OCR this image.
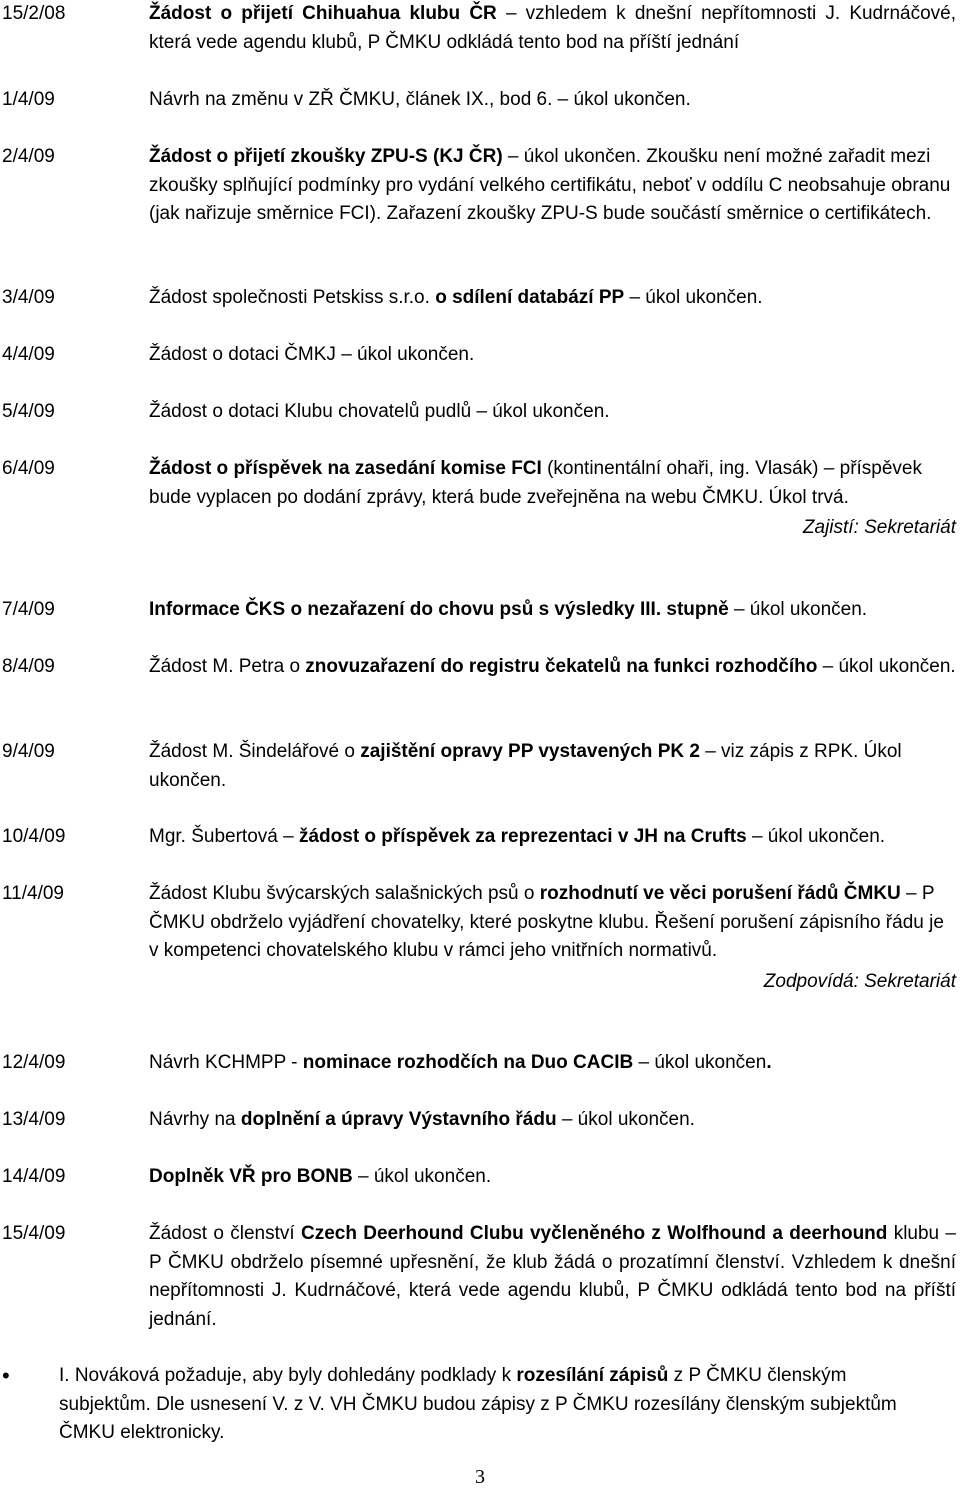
15/2/08	Žádost o přijetí Chihuahua klubu ČR – vzhledem k dnešní nepřítomnosti J. Kudrnáčové, která vede agendu klubů, P ČMKU odkládá tento bod na příští jednání
1/4/09	Návrh na změnu v ZŘ ČMKU, článek IX., bod 6. – úkol ukončen.
2/4/09	Žádost o přijetí zkoušky ZPU-S (KJ ČR) – úkol ukončen. Zkoušku není možné zařadit mezi zkoušky splňující podmínky pro vydání velkého certifikátu, neboť v oddílu C neobsahuje obranu (jak nařizuje směrnice FCI). Zařazení zkoušky ZPU-S bude součástí směrnice o certifikátech.
3/4/09	Žádost společnosti Petskiss s.r.o. o sdílení databází PP – úkol ukončen.
4/4/09	Žádost o dotaci ČMKJ – úkol ukončen.
5/4/09	Žádost o dotaci Klubu chovatelů pudlů – úkol ukončen.
6/4/09	Žádost o příspěvek na zasedání komise FCI (kontinentální ohaři, ing. Vlasák) – příspěvek bude vyplacen po dodání zprávy, která bude zveřejněna na webu ČMKU. Úkol trvá.
Zajistí: Sekretariát
7/4/09	Informace ČKS o nezařazení do chovu psů s výsledky III. stupně – úkol ukončen.
8/4/09	Žádost M. Petra o znovuzařazení do registru čekatelů na funkci rozhodčího – úkol ukončen.
9/4/09	Žádost M. Šindelářové o zajištění opravy PP vystavených PK 2 – viz zápis z RPK. Úkol ukončen.
10/4/09	Mgr. Šubertová – žádost o příspěvek za reprezentaci v JH na Crufts – úkol ukončen.
11/4/09	Žádost Klubu švýcarských salašnických psů o rozhodnutí ve věci porušení řádů ČMKU – P ČMKU obdrželo vyjádření chovatelky, které poskytne klubu. Řešení porušení zápisního řádu je v kompetenci chovatelského klubu v rámci jeho vnitřních normativů.
Zodpovídá: Sekretariát
12/4/09	Návrh KCHMPP - nominace rozhodčích na Duo CACIB – úkol ukončen.
13/4/09	Návrhy na doplnění a úpravy Výstavního řádu – úkol ukončen.
14/4/09	Doplněk VŘ pro BONB – úkol ukončen.
15/4/09	Žádost o členství Czech Deerhound Clubu vyčleněného z Wolfhound a deerhound klubu – P ČMKU obdrželo písemné upřesnění, že klub žádá o prozatímní členství. Vzhledem k dnešní nepřítomnosti J. Kudrnáčové, která vede agendu klubů, P ČMKU odkládá tento bod na příští jednání.
•	I. Nováková požaduje, aby byly dohledány podklady k rozesílání zápisů z P ČMKU členským subjektům. Dle usnesení V. z V. VH ČMKU budou zápisy z P ČMKU rozesílány členským subjektům ČMKU elektronicky.
3
